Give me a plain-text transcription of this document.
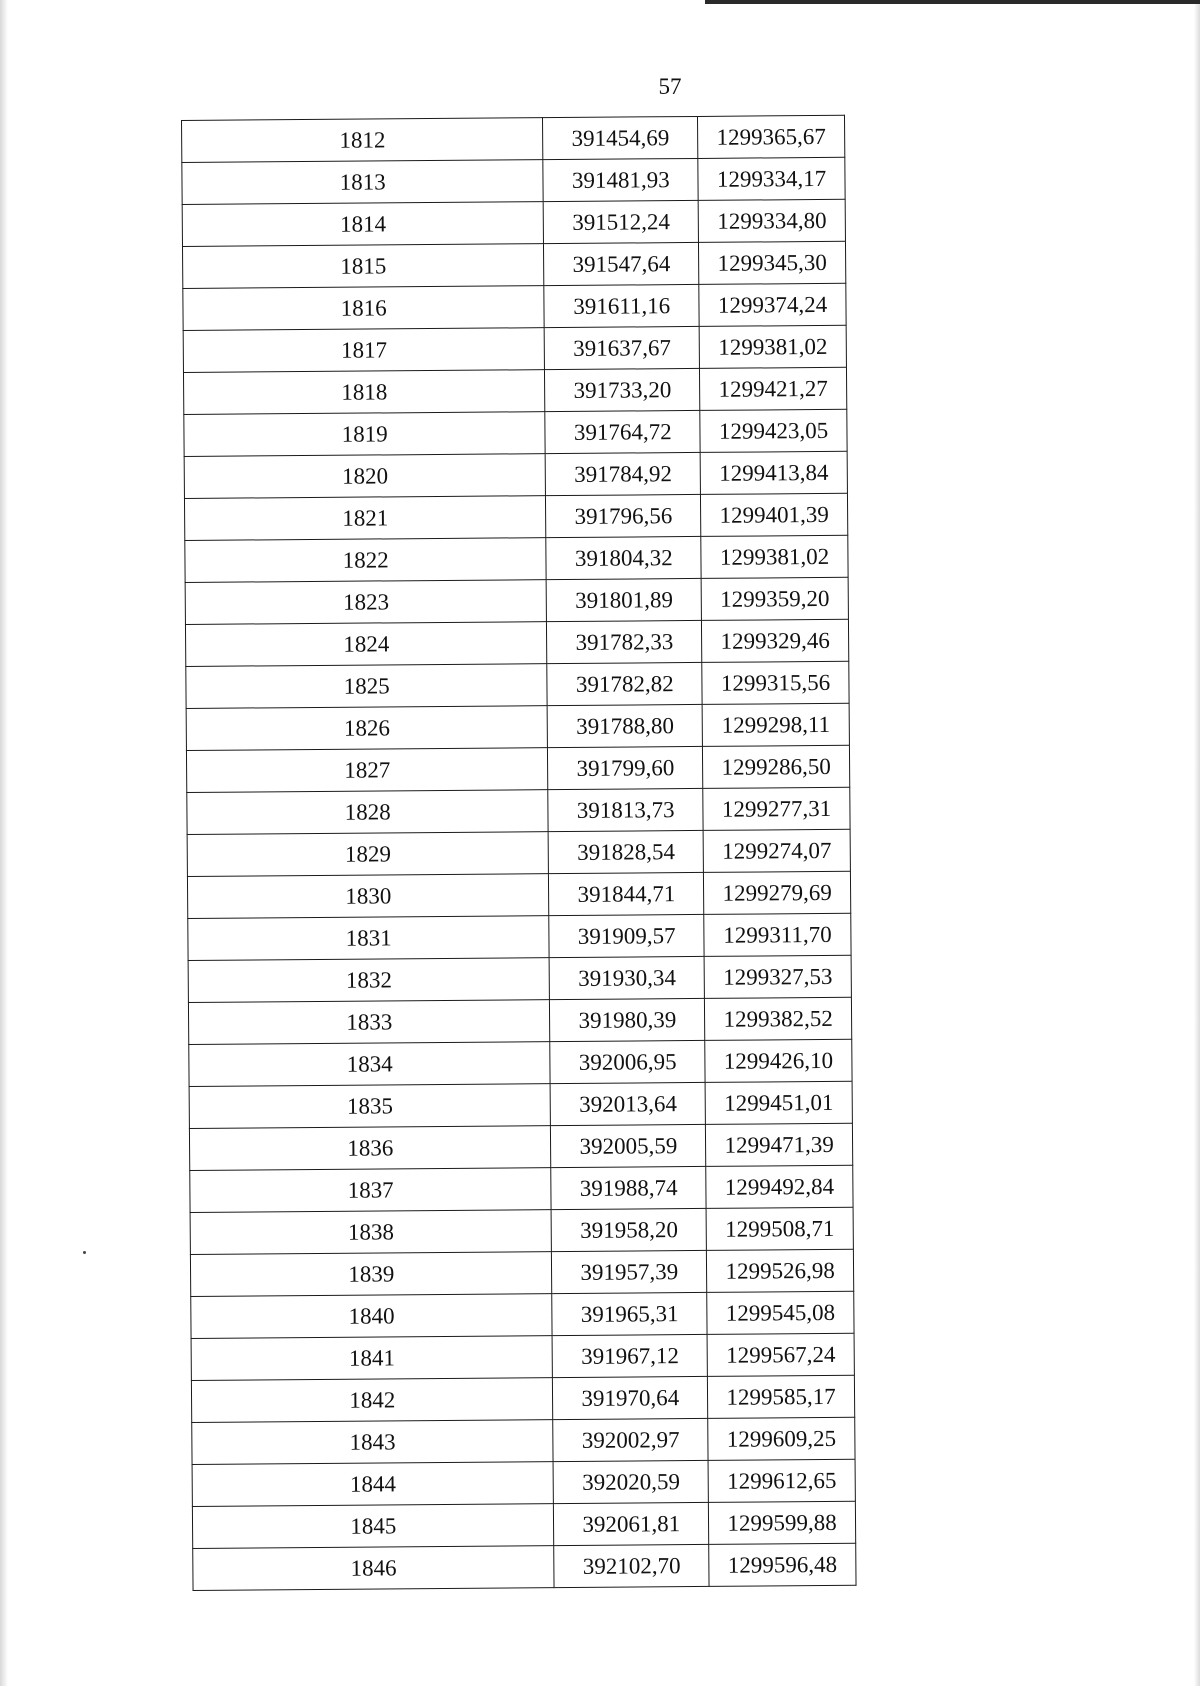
57
1812	391454,69	1299365,67
1813	391481,93	1299334,17
1814	391512,24	1299334,80
1815	391547,64	1299345,30
1816	391611,16	1299374,24
1817	391637,67	1299381,02
1818	391733,20	1299421,27
1819	391764,72	1299423,05
1820	391784,92	1299413,84
1821	391796,56	1299401,39
1822	391804,32	1299381,02
1823	391801,89	1299359,20
1824	391782,33	1299329,46
1825	391782,82	1299315,56
1826	391788,80	1299298,11
1827	391799,60	1299286,50
1828	391813,73	1299277,31
1829	391828,54	1299274,07
1830	391844,71	1299279,69
1831	391909,57	1299311,70
1832	391930,34	1299327,53
1833	391980,39	1299382,52
1834	392006,95	1299426,10
1835	392013,64	1299451,01
1836	392005,59	1299471,39
1837	391988,74	1299492,84
1838	391958,20	1299508,71
1839	391957,39	1299526,98
1840	391965,31	1299545,08
1841	391967,12	1299567,24
1842	391970,64	1299585,17
1843	392002,97	1299609,25
1844	392020,59	1299612,65
1845	392061,81	1299599,88
1846	392102,70	1299596,48
